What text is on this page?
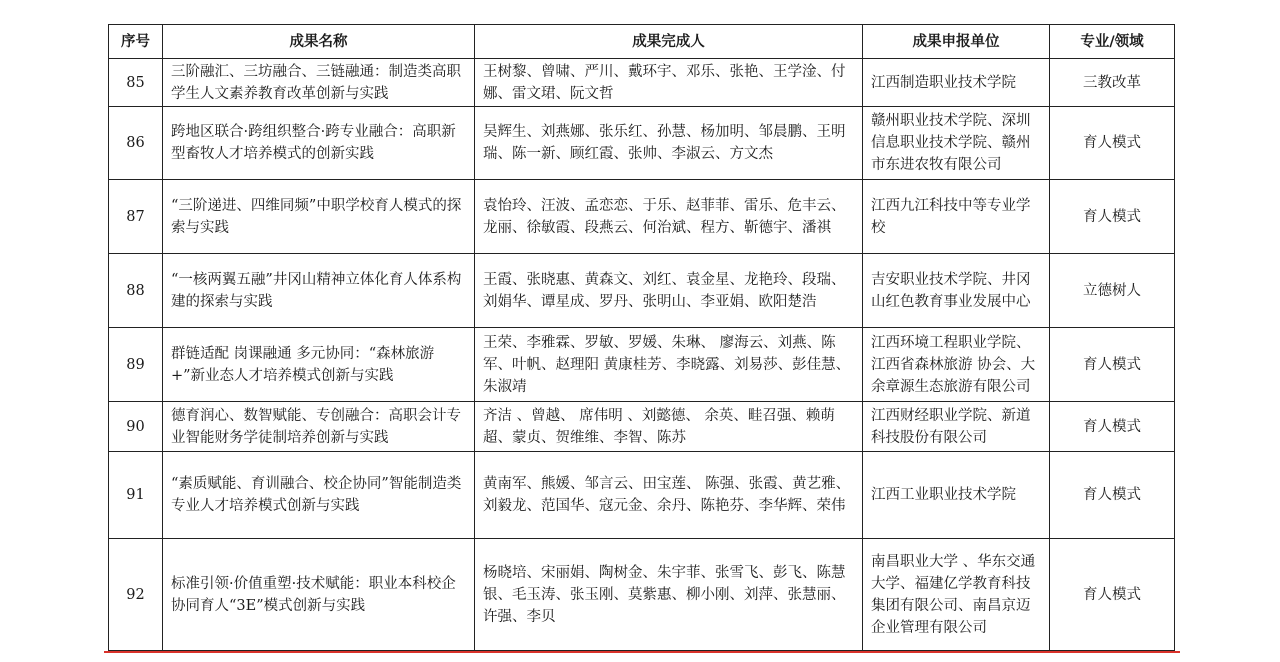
序号	成果名称	成果完成人	成果申报单位	专业/领域
85	三阶融汇、三坊融合、三链融通：制造类高职学生人文素养教育改革创新与实践	王树黎、曾啸、严川、戴环宇、邓乐、张艳、王学淦、付娜、雷文珺、阮文哲	江西制造职业技术学院	三教改革
86	跨地区联合·跨组织整合·跨专业融合：高职新型畜牧人才培养模式的创新实践	吴辉生、刘燕娜、张乐红、孙慧、杨加明、邹晨鹏、王明瑞、陈一新、顾红霞、张帅、李淑云、方文杰	赣州职业技术学院、深圳信息职业技术学院、赣州市东进农牧有限公司	育人模式
87	“三阶递进、四维同频”中职学校育人模式的探索与实践	袁怡玲、汪波、孟恋恋、于乐、赵菲菲、雷乐、危丰云、龙丽、徐敏霞、段燕云、何治斌、程方、靳德宇、潘祺	江西九江科技中等专业学校	育人模式
88	“一核两翼五融”井冈山精神立体化育人体系构建的探索与实践	王霞、张晓惠、黄森文、刘红、袁金星、龙艳玲、段瑞、刘娟华、谭星成、罗丹、张明山、李亚娟、欧阳楚浩	吉安职业技术学院、井冈山红色教育事业发展中心	立德树人
89	群链适配 岗课融通 多元协同：“森林旅游+”新业态人才培养模式创新与实践	王荣、李雅霖、罗敏、罗媛、朱琳、 廖海云、刘燕、陈军、叶帆、赵理阳 黄康桂芳、李晓露、刘易莎、彭佳慧、朱淑靖	江西环境工程职业学院、江西省森林旅游 协会、大余章源生态旅游有限公司	育人模式
90	德育润心、数智赋能、专创融合：高职会计专业智能财务学徒制培养创新与实践	齐洁 、曾越、 席伟明 、刘懿德、 余英、畦召强、赖萌超、蒙贞、贺维维、李智、陈苏	江西财经职业学院、新道科技股份有限公司	育人模式
91	“素质赋能、育训融合、校企协同”智能制造类专业人才培养模式创新与实践	黄南军、熊媛、邹言云、田宝莲、 陈强、张霞、黄艺雅、 刘毅龙、范国华、寇元金、余丹、陈艳芬、李华辉、荣伟	江西工业职业技术学院	育人模式
92	标准引领·价值重塑·技术赋能：职业本科校企协同育人“3E”模式创新与实践	杨晓培、宋丽娟、陶树金、朱宇菲、张雪飞、彭飞、陈慧银、毛玉涛、张玉刚、莫紫惠、柳小刚、刘萍、张慧丽、许强、李贝	南昌职业大学 、华东交通大学、福建亿学教育科技集团有限公司、南昌京迈企业管理有限公司	育人模式
